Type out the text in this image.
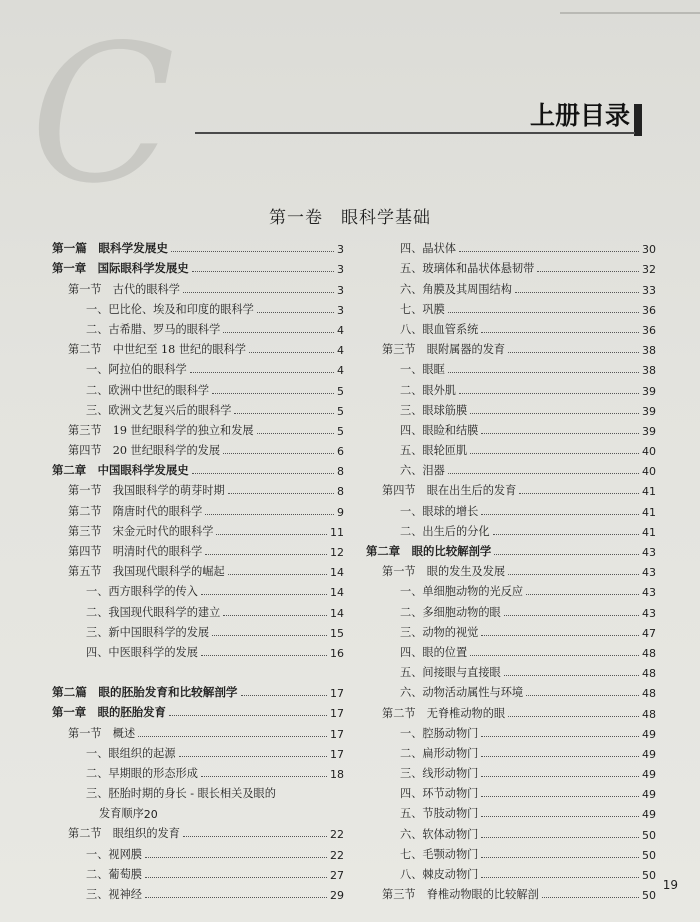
C	上册目录
第一卷　眼科学基础
第一篇　眼科学发展史	3
第一章　国际眼科学发展史	3
第一节　古代的眼科学	3
一、巴比伦、埃及和印度的眼科学	3
二、古希腊、罗马的眼科学	4
第二节　中世纪至 18 世纪的眼科学	4
一、阿拉伯的眼科学	4
二、欧洲中世纪的眼科学	5
三、欧洲文艺复兴后的眼科学	5
第三节　19 世纪眼科学的独立和发展	5
第四节　20 世纪眼科学的发展	6
第二章　中国眼科学发展史	8
第一节　我国眼科学的萌芽时期	8
第二节　隋唐时代的眼科学	9
第三节　宋金元时代的眼科学	11
第四节　明清时代的眼科学	12
第五节　我国现代眼科学的崛起	14
一、西方眼科学的传入	14
二、我国现代眼科学的建立	14
三、新中国眼科学的发展	15
四、中医眼科学的发展	16
第二篇　眼的胚胎发育和比较解剖学	17
第一章　眼的胚胎发育	17
第一节　概述	17
一、眼组织的起源	17
二、早期眼的形态形成	18
三、胚胎时期的身长 - 眼长相关及眼的
发育顺序 20
第二节　眼组织的发育	22
一、视网膜	22
二、葡萄膜	27
三、视神经	29
四、晶状体	30
五、玻璃体和晶状体悬韧带	32
六、角膜及其周围结构	33
七、巩膜	36
八、眼血管系统	36
第三节　眼附属器的发育	38
一、眼眶	38
二、眼外肌	39
三、眼球筋膜	39
四、眼睑和结膜	39
五、眼轮匝肌	40
六、泪器	40
第四节　眼在出生后的发育	41
一、眼球的增长	41
二、出生后的分化	41
第二章　眼的比较解剖学	43
第一节　眼的发生及发展	43
一、单细胞动物的光反应	43
二、多细胞动物的眼	43
三、动物的视觉	47
四、眼的位置	48
五、间接眼与直接眼	48
六、动物活动属性与环境	48
第二节　无脊椎动物的眼	48
一、腔肠动物门	49
二、扁形动物门	49
三、线形动物门	49
四、环节动物门	49
五、节肢动物门	49
六、软体动物门	50
七、毛颚动物门	50
八、棘皮动物门	50
第三节　脊椎动物眼的比较解剖	50
19
